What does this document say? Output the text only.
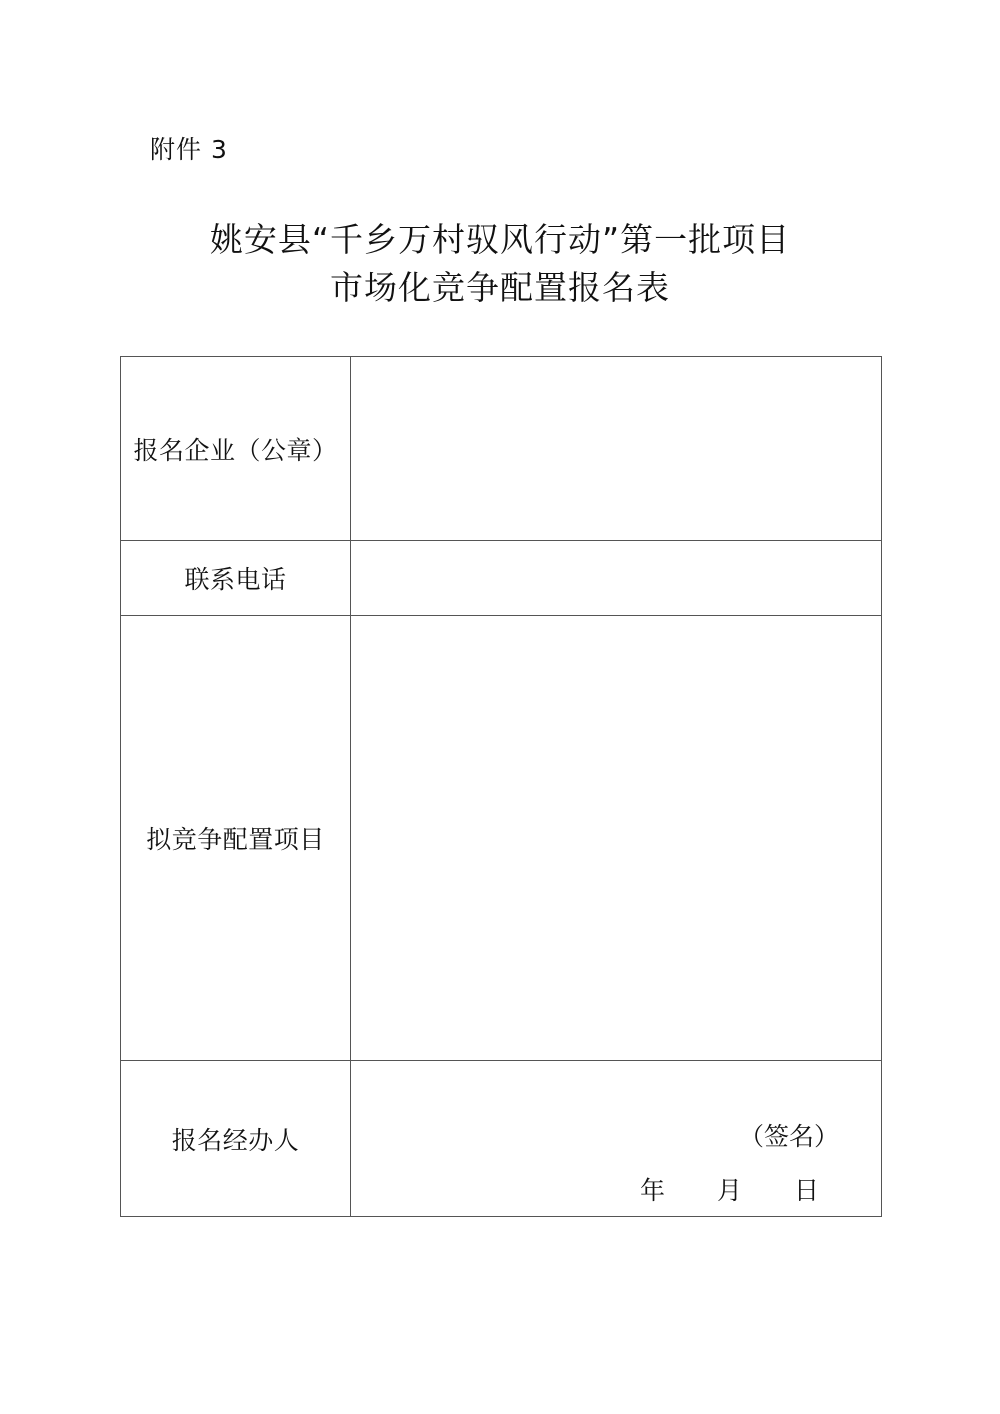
附件 3
姚安县“千乡万村驭风行动”第一批项目
市场化竞争配置报名表
报名企业（公章）	
联系电话	
拟竞争配置项目	
报名经办人	（签名）
年 月 日
